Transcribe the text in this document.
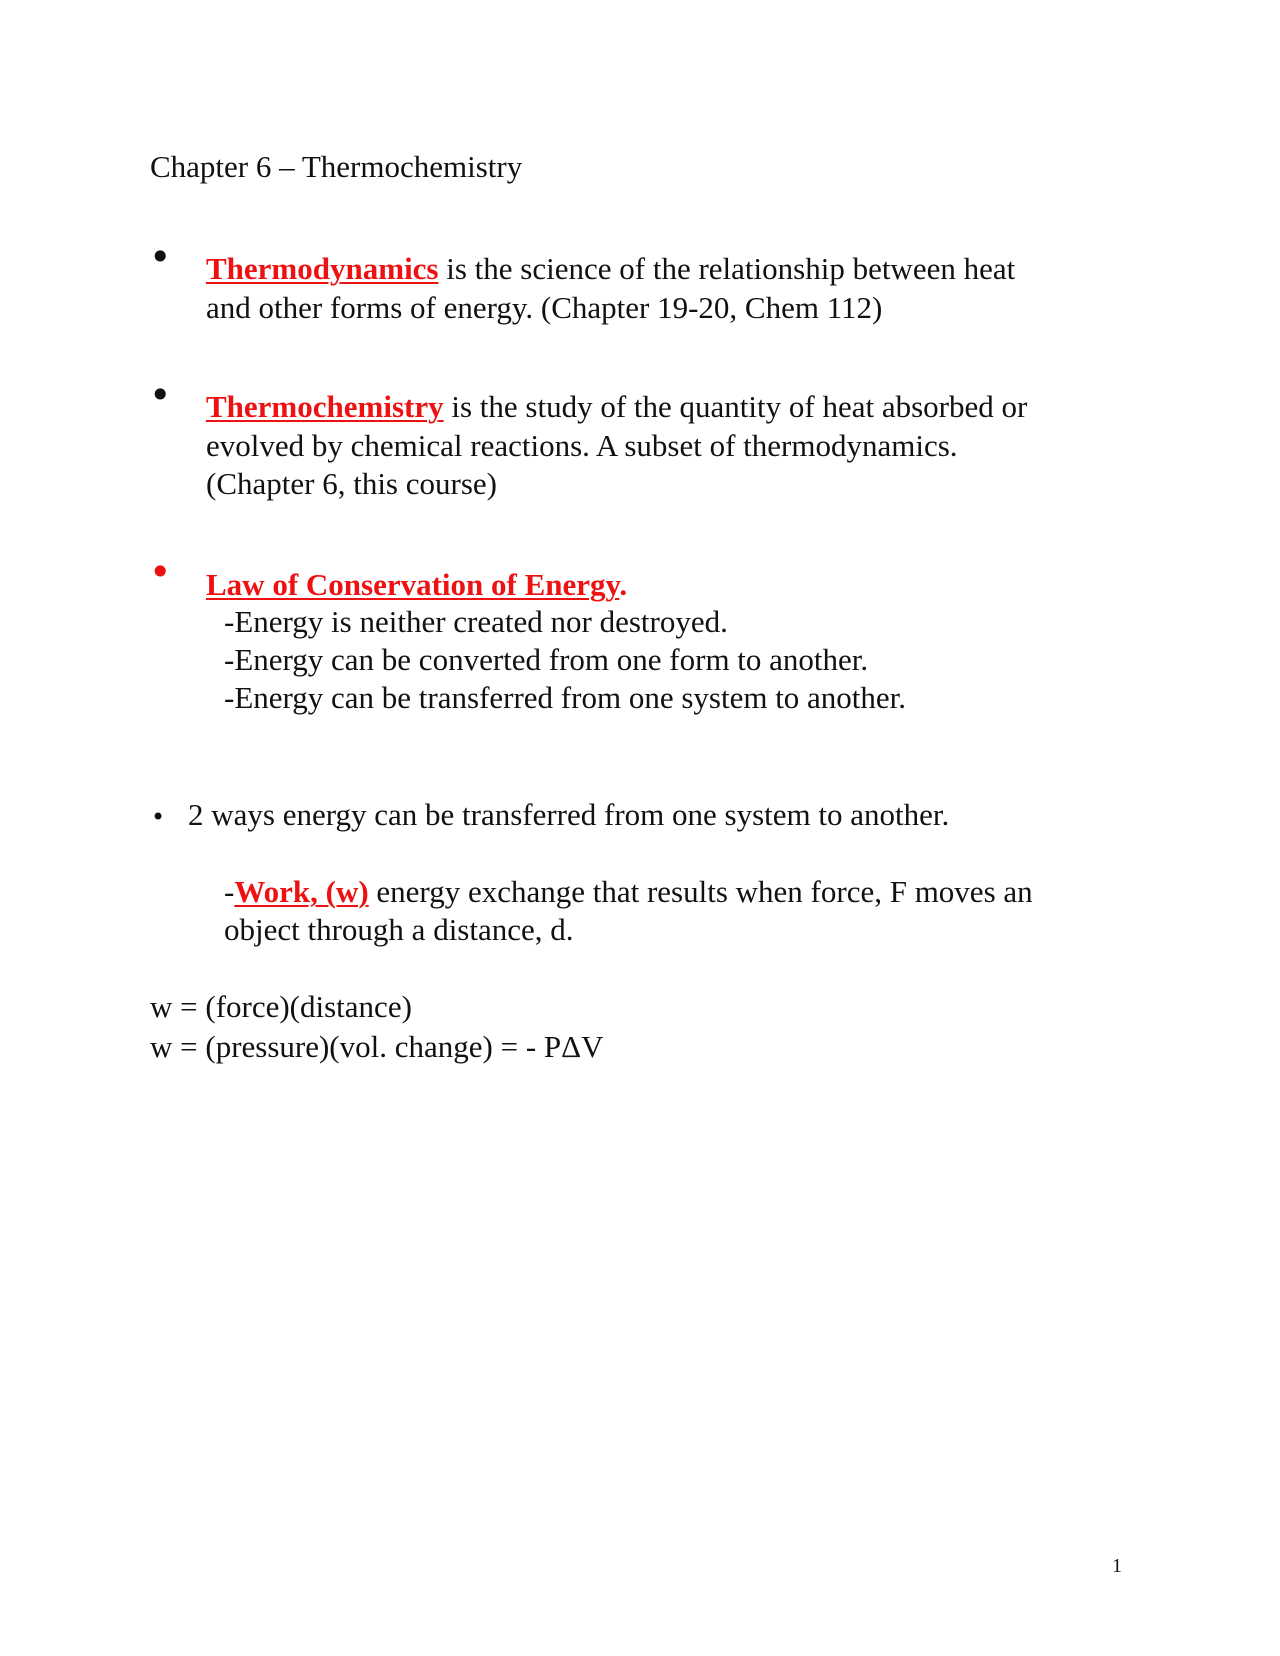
Chapter 6 – Thermochemistry
• Thermodynamics is the science of the relationship between heat
and other forms of energy. (Chapter 19-20, Chem 112)
• Thermochemistry is the study of the quantity of heat absorbed or
evolved by chemical reactions. A subset of thermodynamics.
(Chapter 6, this course)
• Law of Conservation of Energy.
-Energy is neither created nor destroyed.
-Energy can be converted from one form to another.
-Energy can be transferred from one system to another.
• 2 ways energy can be transferred from one system to another.
-Work, (w) energy exchange that results when force, F moves an
object through a distance, d.
w = (force)(distance)
w = (pressure)(vol. change) = - PΔV
1
